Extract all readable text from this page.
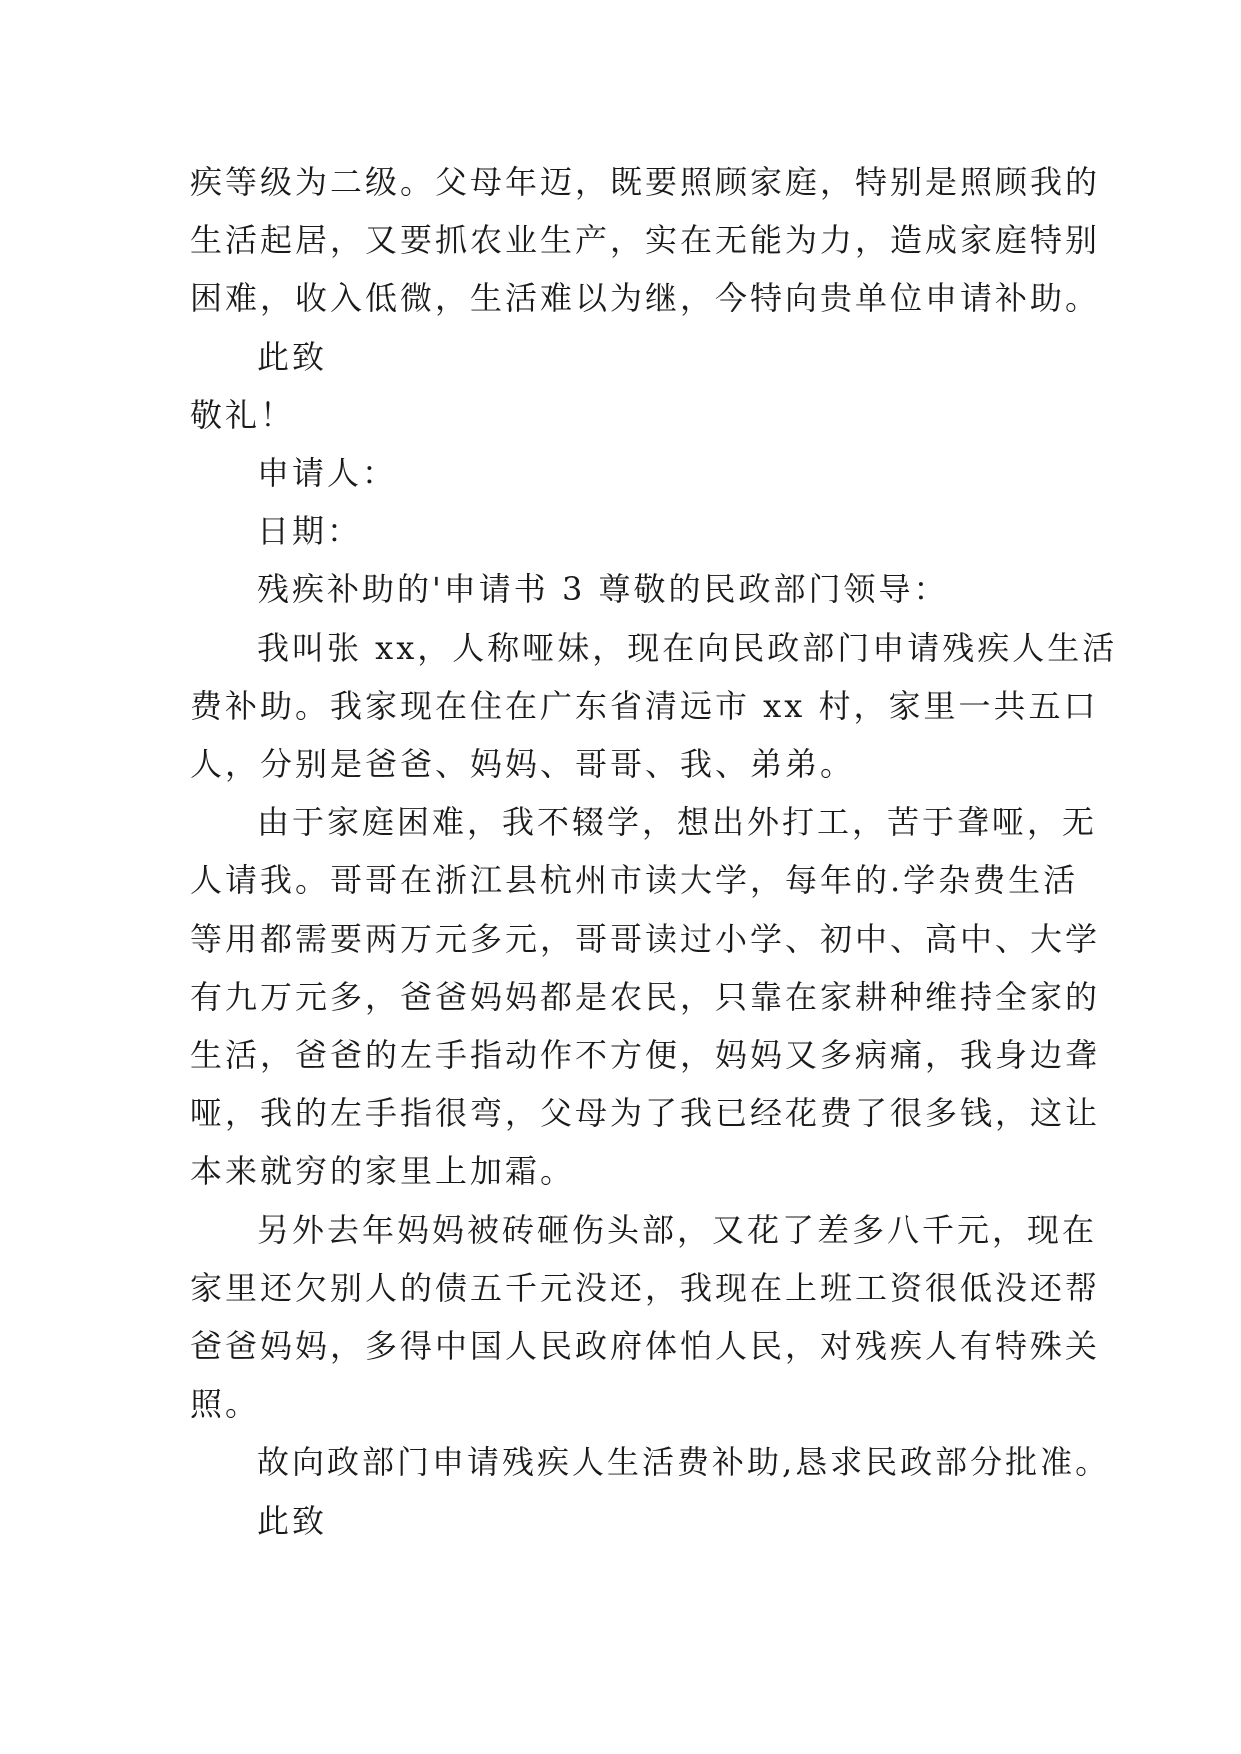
疾等级为二级。父母年迈，既要照顾家庭，特别是照顾我的

生活起居，又要抓农业生产，实在无能为力，造成家庭特别

困难，收入低微，生活难以为继，今特向贵单位申请补助。

此致

敬礼！

申请人：

日期：

残疾补助的'申请书 3 尊敬的民政部门领导：

我叫张 xx，人称哑妹，现在向民政部门申请残疾人生活

费补助。我家现在住在广东省清远市 xx 村，家里一共五口

人，分别是爸爸、妈妈、哥哥、我、弟弟。

由于家庭困难，我不辍学，想出外打工，苦于聋哑，无

人请我。哥哥在浙江县杭州市读大学，每年的.学杂费生活

等用都需要两万元多元，哥哥读过小学、初中、高中、大学

有九万元多，爸爸妈妈都是农民，只靠在家耕种维持全家的

生活，爸爸的左手指动作不方便，妈妈又多病痛，我身边聋

哑，我的左手指很弯，父母为了我已经花费了很多钱，这让

本来就穷的家里上加霜。

另外去年妈妈被砖砸伤头部，又花了差多八千元，现在

家里还欠别人的债五千元没还，我现在上班工资很低没还帮

爸爸妈妈，多得中国人民政府体怕人民，对残疾人有特殊关

照。

故向政部门申请残疾人生活费补助,恳求民政部分批准。

此致
